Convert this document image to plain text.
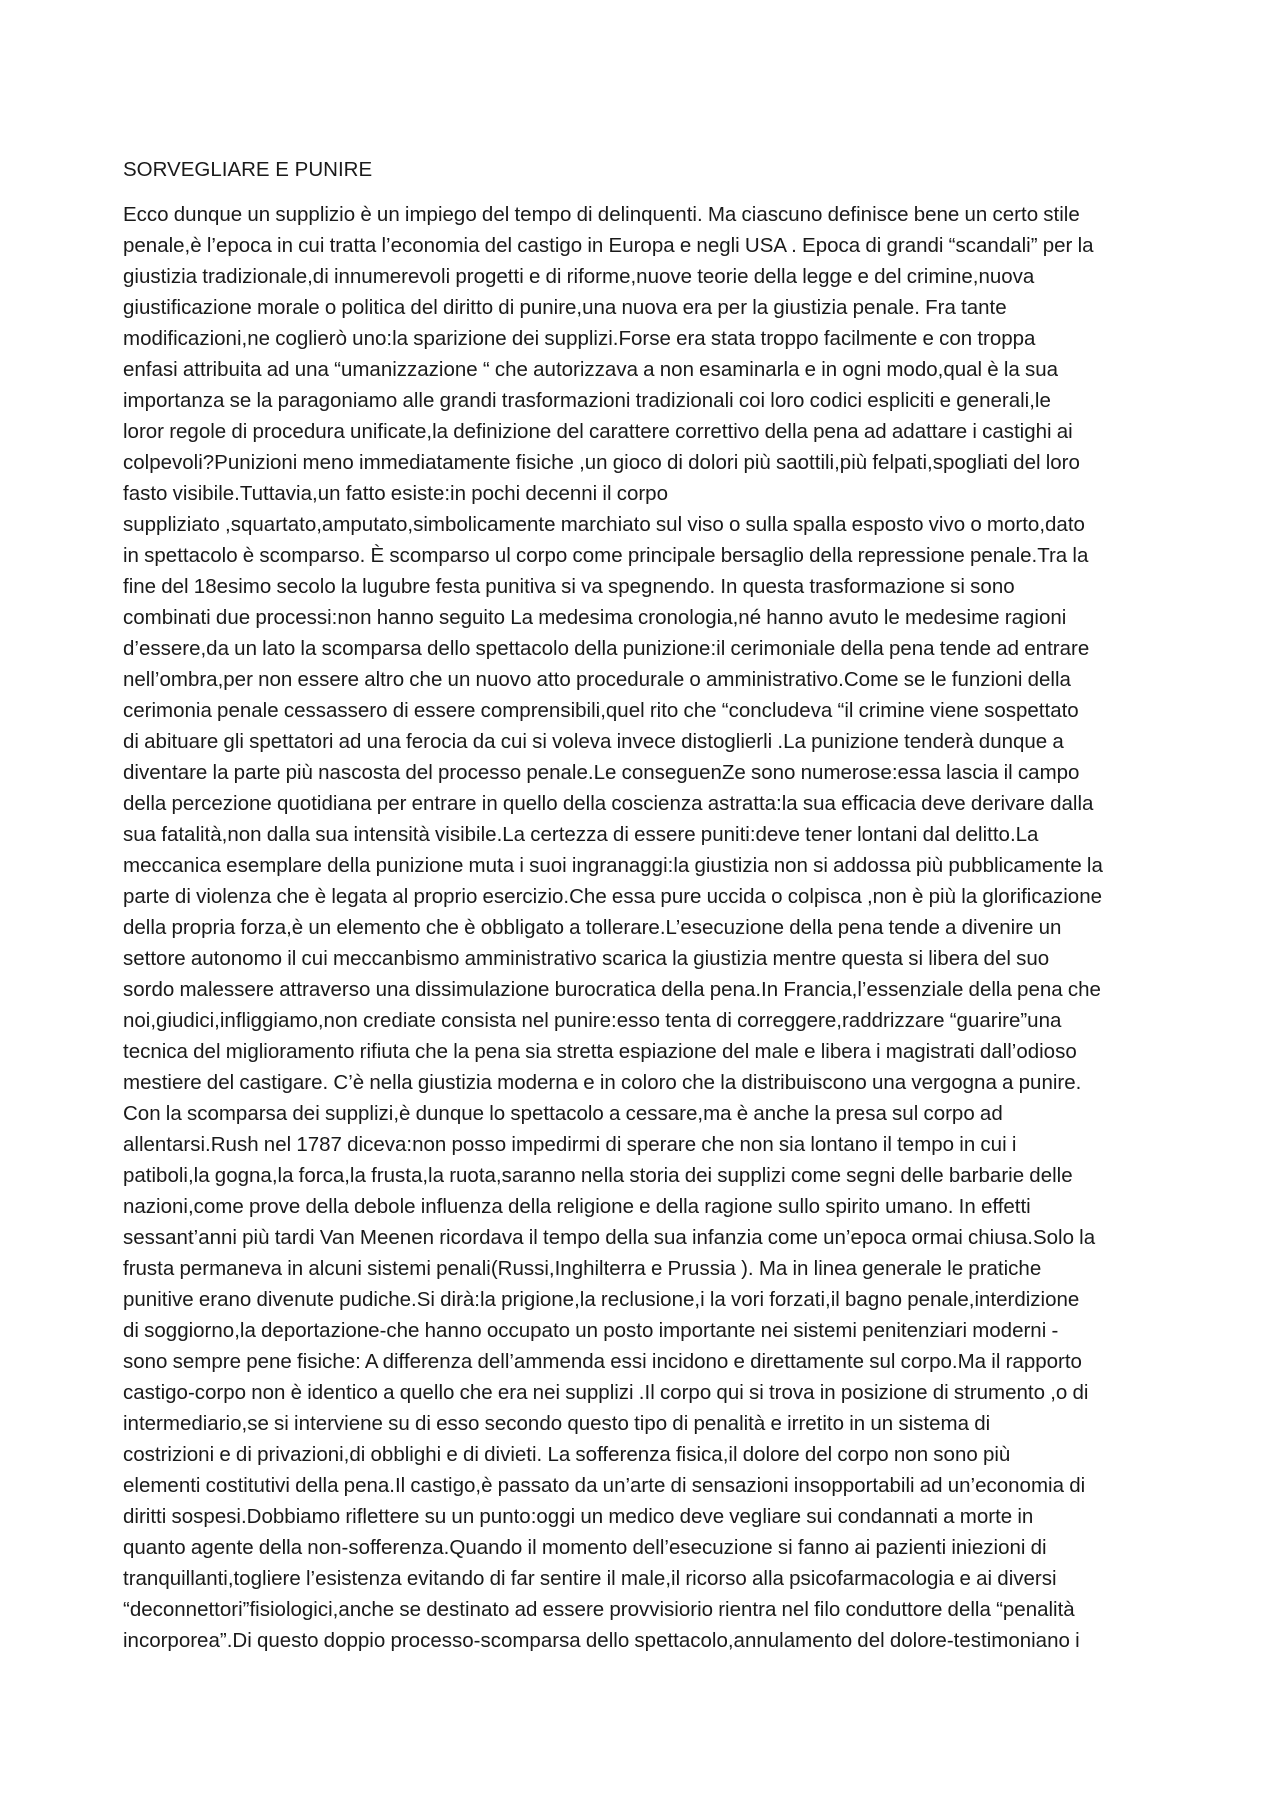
SORVEGLIARE E PUNIRE
Ecco dunque un supplizio è un impiego del tempo di delinquenti. Ma ciascuno definisce bene un certo stile
penale,è l’epoca in cui tratta l’economia del castigo in Europa e negli USA . Epoca di grandi “scandali” per la
giustizia tradizionale,di innumerevoli progetti e di riforme,nuove teorie della legge e del crimine,nuova
giustificazione morale o politica del diritto di punire,una nuova era per la giustizia penale. Fra tante
modificazioni,ne coglierò uno:la sparizione dei supplizi.Forse era stata troppo facilmente e con troppa
enfasi attribuita ad una “umanizzazione “ che autorizzava a non esaminarla e in ogni modo,qual è la sua
importanza se la paragoniamo alle grandi trasformazioni tradizionali coi loro codici espliciti e generali,le
loror regole di procedura unificate,la definizione del carattere correttivo della pena ad adattare i castighi ai
colpevoli?Punizioni meno immediatamente fisiche ,un gioco di dolori più saottili,più felpati,spogliati del loro
fasto visibile.Tuttavia,un fatto esiste:in pochi decenni il corpo
suppliziato ,squartato,amputato,simbolicamente marchiato sul viso o sulla spalla esposto vivo o morto,dato
in spettacolo è scomparso. È scomparso ul corpo come principale bersaglio della repressione penale.Tra la
fine del 18esimo secolo la lugubre festa punitiva si va spegnendo. In questa trasformazione si sono
combinati due processi:non hanno seguito La medesima cronologia,né hanno avuto le medesime ragioni
d’essere,da un lato la scomparsa dello spettacolo della punizione:il cerimoniale della pena tende ad entrare
nell’ombra,per non essere altro che un nuovo atto procedurale o amministrativo.Come se le funzioni della
cerimonia penale cessassero di essere comprensibili,quel rito che “concludeva “il crimine viene sospettato
di abituare gli spettatori ad una ferocia da cui si voleva invece distoglierli .La punizione tenderà dunque a
diventare la parte più nascosta del processo penale.Le conseguenZe sono numerose:essa lascia il campo
della percezione quotidiana per entrare in quello della coscienza astratta:la sua efficacia deve derivare dalla
sua fatalità,non dalla sua intensità visibile.La certezza di essere puniti:deve tener lontani dal delitto.La
meccanica esemplare della punizione muta i suoi ingranaggi:la giustizia non si addossa più pubblicamente la
parte di violenza che è legata al proprio esercizio.Che essa pure uccida o colpisca ,non è più la glorificazione
della propria forza,è un elemento che è obbligato a tollerare.L’esecuzione della pena tende a divenire un
settore autonomo il cui meccanbismo amministrativo scarica la giustizia mentre questa si libera del suo
sordo malessere attraverso una dissimulazione burocratica della pena.In Francia,l’essenziale della pena che
noi,giudici,infliggiamo,non crediate consista nel punire:esso tenta di correggere,raddrizzare “guarire”una
tecnica del miglioramento rifiuta che la pena sia stretta espiazione del male e libera i magistrati dall’odioso
mestiere del castigare. C’è nella giustizia moderna e in coloro che la distribuiscono una vergogna a punire.
Con la scomparsa dei supplizi,è dunque lo spettacolo a cessare,ma è anche la presa sul corpo ad
allentarsi.Rush nel 1787 diceva:non posso impedirmi di sperare che non sia lontano il tempo in cui i
patiboli,la gogna,la forca,la frusta,la ruota,saranno nella storia dei supplizi come segni delle barbarie delle
nazioni,come prove della debole influenza della religione e della ragione sullo spirito umano. In effetti
sessant’anni più tardi Van Meenen ricordava il tempo della sua infanzia come un’epoca ormai chiusa.Solo la
frusta permaneva in alcuni sistemi penali(Russi,Inghilterra e Prussia ). Ma in linea generale le pratiche
punitive erano divenute pudiche.Si dirà:la prigione,la reclusione,i la vori forzati,il bagno penale,interdizione
di soggiorno,la deportazione-che hanno occupato un posto importante nei sistemi penitenziari moderni -
sono sempre pene fisiche: A differenza dell’ammenda essi incidono e direttamente sul corpo.Ma il rapporto
castigo-corpo non è identico a quello che era nei supplizi .Il corpo qui si trova in posizione di strumento ,o di
intermediario,se si interviene su di esso secondo questo tipo di penalità e irretito in un sistema di
costrizioni e di privazioni,di obblighi e di divieti. La sofferenza fisica,il dolore del corpo non sono più
elementi costitutivi della pena.Il castigo,è passato da un’arte di sensazioni insopportabili ad un’economia di
diritti sospesi.Dobbiamo riflettere su un punto:oggi un medico deve vegliare sui condannati a morte in
quanto agente della non-sofferenza.Quando il momento dell’esecuzione si fanno ai pazienti iniezioni di
tranquillanti,togliere l’esistenza evitando di far sentire il male,il ricorso alla psicofarmacologia e ai diversi
“deconnettori”fisiologici,anche se destinato ad essere provvisiorio rientra nel filo conduttore della “penalità
incorporea”.Di questo doppio processo-scomparsa dello spettacolo,annulamento del dolore-testimoniano i
